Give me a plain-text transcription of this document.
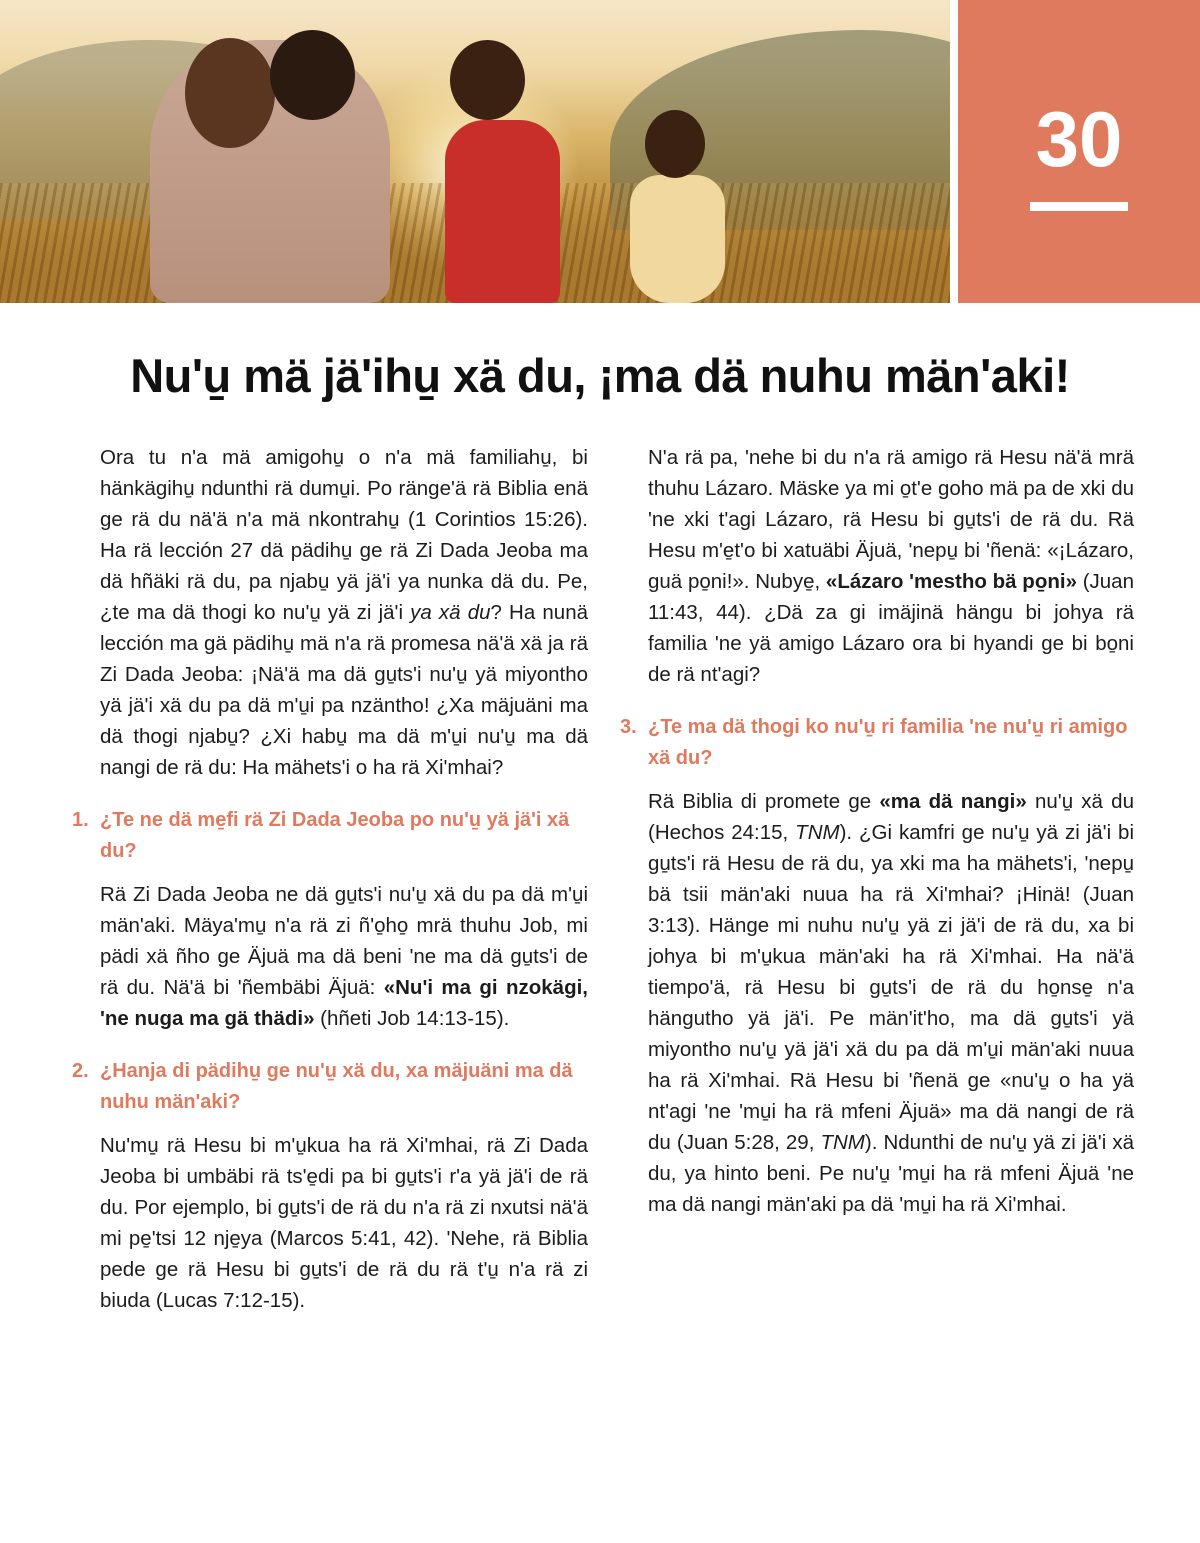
30
Nu'u̱ mä jä'ihu̱ xä du, ¡ma dä nuhu män'aki!

Ora tu n'a mä amigohu̱ o n'a mä familiahu̱, bi hänkägihu̱ ndunthi rä dumu̱i. Po ränge'ä rä Biblia enä ge rä du nä'ä n'a mä nkontrahu̱ (1 Corintios 15:26). Ha rä lección 27 dä pädihu̱ ge rä Zi Dada Jeoba ma dä hñäki rä du, pa njabu̱ yä jä'i ya nunka dä du. Pe, ¿te ma dä thogi ko nu'u̱ yä zi jä'i ya xä du? Ha nunä lección ma gä pädihu̱ mä n'a rä promesa nä'ä xä ja rä Zi Dada Jeoba: ¡Nä'ä ma dä gu̱ts'i nu'u̱ yä miyontho yä jä'i xä du pa dä m'u̱i pa nzäntho! ¿Xa mäjuäni ma dä thogi njabu̱? ¿Xi habu̱ ma dä m'u̱i nu'u̱ ma dä nangi de rä du: Ha mähets'i o ha rä Xi'mhai?

1. ¿Te ne dä me̱fi rä Zi Dada Jeoba po nu'u̱ yä jä'i xä du?

Rä Zi Dada Jeoba ne dä gu̱ts'i nu'u̱ xä du pa dä m'u̱i män'aki. Mäya'mu̱ n'a rä zi ñ'o̱ho̱ mrä thuhu Job, mi pädi xä ñho ge Äjuä ma dä beni 'ne ma dä gu̱ts'i de rä du. Nä'ä bi 'ñembäbi Äjuä: «Nu'i ma gi nzokägi, 'ne nuga ma gä thädi» (hñeti Job 14:13-15).

2. ¿Hanja di pädihu̱ ge nu'u̱ xä du, xa mäjuäni ma dä nuhu män'aki?

Nu'mu̱ rä Hesu bi m'u̱kua ha rä Xi'mhai, rä Zi Dada Jeoba bi umbäbi rä ts'e̱di pa bi gu̱ts'i r'a yä jä'i de rä du. Por ejemplo, bi gu̱ts'i de rä du n'a rä zi nxutsi nä'ä mi pe̱'tsi 12 nje̱ya (Marcos 5:41, 42). 'Nehe, rä Biblia pede ge rä Hesu bi gu̱ts'i de rä du rä t'u̱ n'a rä zi biuda (Lucas 7:12-15).

N'a rä pa, 'nehe bi du n'a rä amigo rä Hesu nä'ä mrä thuhu Lázaro. Mäske ya mi o̱t'e goho mä pa de xki du 'ne xki t'agi Lázaro, rä Hesu bi gu̱ts'i de rä du. Rä Hesu m'e̱t'o bi xatuäbi Äjuä, 'nepu̱ bi 'ñenä: «¡Lázaro, guä po̱ni!». Nubye̱, «Lázaro 'mestho bä po̱ni» (Juan 11:43, 44). ¿Dä za gi imäjinä hängu bi johya rä familia 'ne yä amigo Lázaro ora bi hyandi ge bi bo̱ni de rä nt'agi?

3. ¿Te ma dä thogi ko nu'u̱ ri familia 'ne nu'u̱ ri amigo xä du?

Rä Biblia di promete ge «ma dä nangi» nu'u̱ xä du (Hechos 24:15, TNM). ¿Gi kamfri ge nu'u̱ yä zi jä'i bi gu̱ts'i rä Hesu de rä du, ya xki ma ha mähets'i, 'nepu̱ bä tsii män'aki nuua ha rä Xi'mhai? ¡Hinä! (Juan 3:13). Hänge mi nuhu nu'u̱ yä zi jä'i de rä du, xa bi johya bi m'u̱kua män'aki ha rä Xi'mhai. Ha nä'ä tiempo'ä, rä Hesu bi gu̱ts'i de rä du ho̱nse̱ n'a hängutho yä jä'i. Pe män'it'ho, ma dä gu̱ts'i yä miyontho nu'u̱ yä jä'i xä du pa dä m'u̱i män'aki nuua ha rä Xi'mhai. Rä Hesu bi 'ñenä ge «nu'u̱ o ha yä nt'agi 'ne 'mu̱i ha rä mfeni Äjuä» ma dä nangi de rä du (Juan 5:28, 29, TNM). Ndunthi de nu'u̱ yä zi jä'i xä du, ya hinto beni. Pe nu'u̱ 'mu̱i ha rä mfeni Äjuä 'ne ma dä nangi män'aki pa dä 'mu̱i ha rä Xi'mhai.
